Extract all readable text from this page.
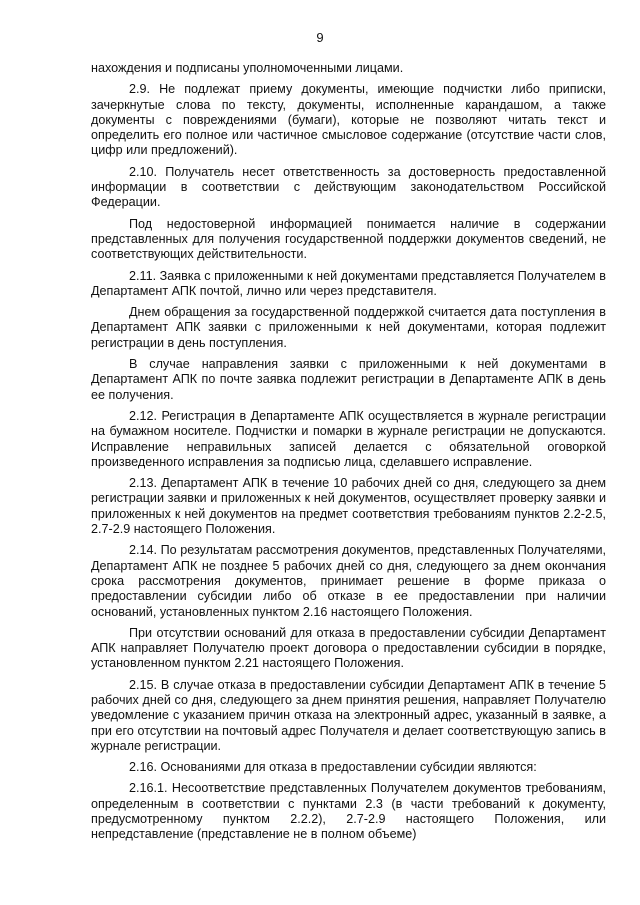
9

нахождения и подписаны уполномоченными лицами.

2.9. Не подлежат приему документы, имеющие подчистки либо приписки, зачеркнутые слова по тексту, документы, исполненные карандашом, а также документы с повреждениями (бумаги), которые не позволяют читать текст и определить его полное или частичное смысловое содержание (отсутствие части слов, цифр или предложений).

2.10. Получатель несет ответственность за достоверность предоставленной информации в соответствии с действующим законодательством Российской Федерации.

Под недостоверной информацией понимается наличие в содержании представленных для получения государственной поддержки документов сведений, не соответствующих действительности.

2.11. Заявка с приложенными к ней документами представляется Получателем в Департамент АПК почтой, лично или через представителя.

Днем обращения за государственной поддержкой считается дата поступления в Департамент АПК заявки с приложенными к ней документами, которая подлежит регистрации в день поступления.

В случае направления заявки с приложенными к ней документами в Департамент АПК по почте заявка подлежит регистрации в Департаменте АПК в день ее получения.

2.12. Регистрация в Департаменте АПК осуществляется в журнале регистрации на бумажном носителе. Подчистки и помарки в журнале регистрации не допускаются. Исправление неправильных записей делается с обязательной оговоркой произведенного исправления за подписью лица, сделавшего исправление.

2.13. Департамент АПК в течение 10 рабочих дней со дня, следующего за днем регистрации заявки и приложенных к ней документов, осуществляет проверку заявки и приложенных к ней документов на предмет соответствия требованиям пунктов 2.2-2.5, 2.7-2.9 настоящего Положения.

2.14. По результатам рассмотрения документов, представленных Получателями, Департамент АПК не позднее 5 рабочих дней со дня, следующего за днем окончания срока рассмотрения документов, принимает решение в форме приказа о предоставлении субсидии либо об отказе в ее предоставлении при наличии оснований, установленных пунктом 2.16 настоящего Положения.

При отсутствии оснований для отказа в предоставлении субсидии Департамент АПК направляет Получателю проект договора о предоставлении субсидии в порядке, установленном пунктом 2.21 настоящего Положения.

2.15. В случае отказа в предоставлении субсидии Департамент АПК в течение 5 рабочих дней со дня, следующего за днем принятия решения, направляет Получателю уведомление с указанием причин отказа на электронный адрес, указанный в заявке, а при его отсутствии на почтовый адрес Получателя и делает соответствующую запись в журнале регистрации.

2.16. Основаниями для отказа в предоставлении субсидии являются:

2.16.1. Несоответствие представленных Получателем документов требованиям, определенным в соответствии с пунктами 2.3 (в части требований к документу, предусмотренному пунктом 2.2.2), 2.7-2.9 настоящего Положения, или непредставление (представление не в полном объеме)
